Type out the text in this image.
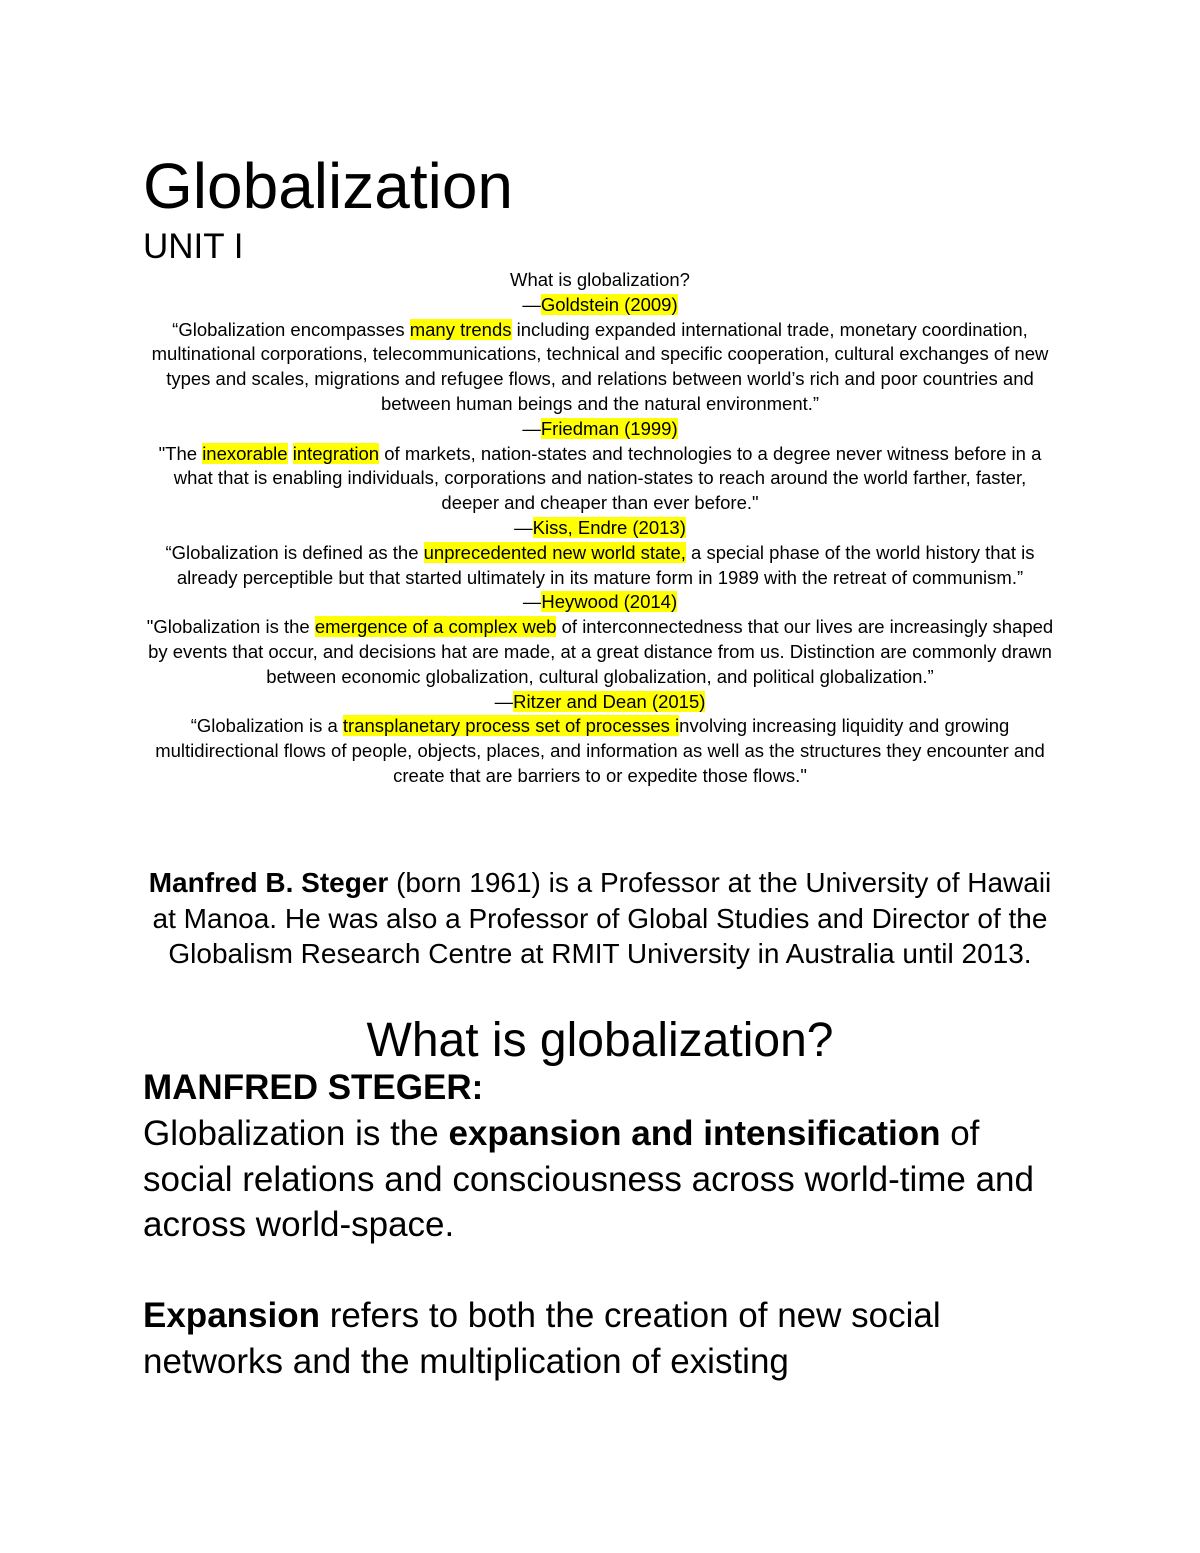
Globalization
UNIT I

What is globalization?

—Goldstein (2009)

“Globalization encompasses many trends including expanded international trade, monetary coordination, multinational corporations, telecommunications, technical and specific cooperation, cultural exchanges of new types and scales, migrations and refugee flows, and relations between world’s rich and poor countries and between human beings and the natural environment.”

—Friedman (1999)

"The inexorable integration of markets, nation-states and technologies to a degree never witness before in a what that is enabling individuals, corporations and nation-states to reach around the world farther, faster, deeper and cheaper than ever before."

—Kiss, Endre (2013)

“Globalization is defined as the unprecedented new world state, a special phase of the world history that is already perceptible but that started ultimately in its mature form in 1989 with the retreat of communism.”

—Heywood (2014)

"Globalization is the emergence of a complex web of interconnectedness that our lives are increasingly shaped by events that occur, and decisions hat are made, at a great distance from us. Distinction are commonly drawn between economic globalization, cultural globalization, and political globalization.”

—Ritzer and Dean (2015)

“Globalization is a transplanetary process set of processes involving increasing liquidity and growing multidirectional flows of people, objects, places, and information as well as the structures they encounter and create that are barriers to or expedite those flows."

Manfred B. Steger (born 1961) is a Professor at the University of Hawaii at Manoa. He was also a Professor of Global Studies and Director of the Globalism Research Centre at RMIT University in Australia until 2013.

What is globalization?

MANFRED STEGER:

Globalization is the expansion and intensification of social relations and consciousness across world-time and across world-space.

Expansion refers to both the creation of new social networks and the multiplication of existing
